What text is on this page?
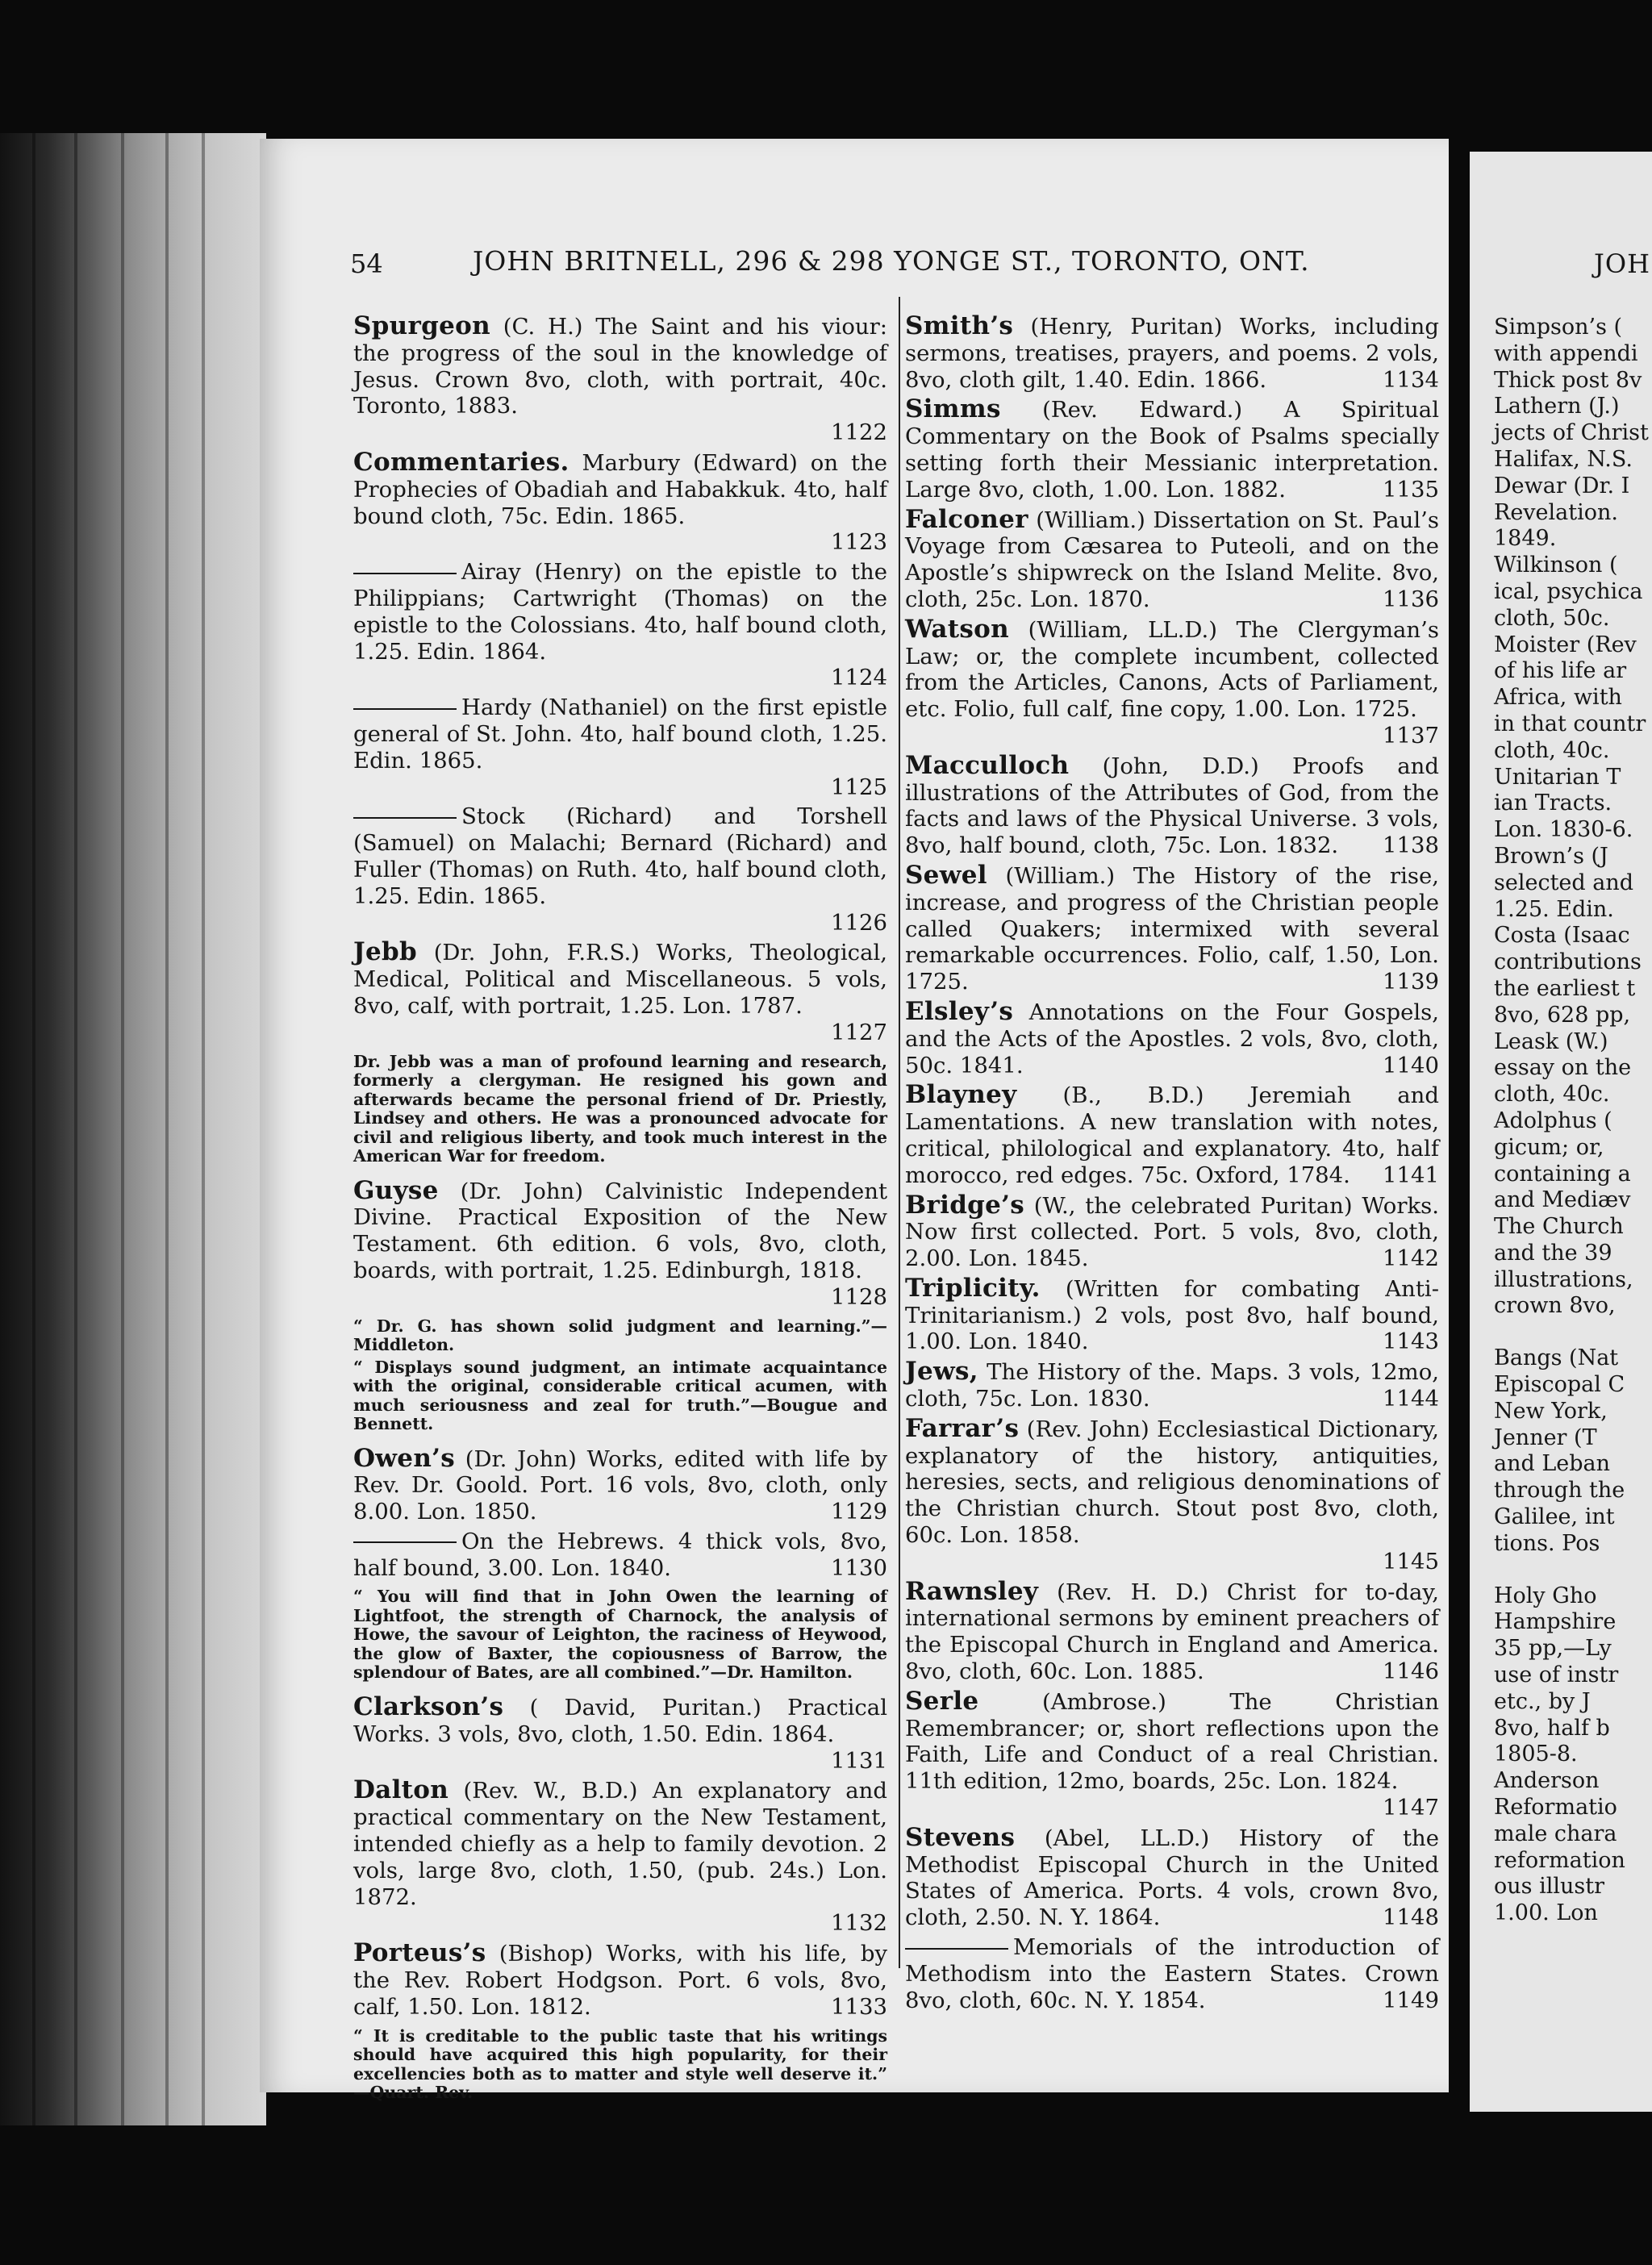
54	JOHN BRITNELL, 296 & 298 YONGE ST., TORONTO, ONT.
Spurgeon (C. H.) The Saint and his viour: the progress of the soul in the knowledge of Jesus. Crown 8vo, cloth, with portrait, 40c. Toronto, 1883.
1122
Commentaries. Marbury (Edward) on the Prophecies of Obadiah and Habakkuk. 4to, half bound cloth, 75c. Edin. 1865.
1123
Airay (Henry) on the epistle to the Philippians; Cartwright (Thomas) on the epistle to the Colossians. 4to, half bound cloth, 1.25. Edin. 1864.
1124
Hardy (Nathaniel) on the first epistle general of St. John. 4to, half bound cloth, 1.25. Edin. 1865.
1125
Stock (Richard) and Torshell (Samuel) on Malachi; Bernard (Richard) and Fuller (Thomas) on Ruth. 4to, half bound cloth, 1.25. Edin. 1865.
1126
Jebb (Dr. John, F.R.S.) Works, Theological, Medical, Political and Miscellaneous. 5 vols, 8vo, calf, with portrait, 1.25. Lon. 1787.
1127

Dr. Jebb was a man of profound learning and research, formerly a clergyman. He resigned his gown and afterwards became the personal friend of Dr. Priestly, Lindsey and others. He was a pronounced advocate for civil and religious liberty, and took much interest in the American War for freedom.

Guyse (Dr. John) Calvinistic Independent Divine. Practical Exposition of the New Testament. 6th edition. 6 vols, 8vo, cloth, boards, with portrait, 1.25. Edinburgh, 1818.
1128

“ Dr. G. has shown solid judgment and learning.”—Middleton.

“ Displays sound judgment, an intimate acquaintance with the original, considerable critical acumen, with much seriousness and zeal for truth.”—Bougue and Bennett.

Owen’s (Dr. John) Works, edited with life by Rev. Dr. Goold. Port. 16 vols, 8vo, cloth, only 8.00. Lon. 1850.	1129
On the Hebrews. 4 thick vols, 8vo, half bound, 3.00. Lon. 1840.	1130

“ You will find that in John Owen the learning of Lightfoot, the strength of Charnock, the analysis of Howe, the savour of Leighton, the raciness of Heywood, the glow of Baxter, the copiousness of Barrow, the splendour of Bates, are all combined.”—Dr. Hamilton.

Clarkson’s ( David, Puritan.) Practical Works. 3 vols, 8vo, cloth, 1.50. Edin. 1864.
1131
Dalton (Rev. W., B.D.) An explanatory and practical commentary on the New Testament, intended chiefly as a help to family devotion. 2 vols, large 8vo, cloth, 1.50, (pub. 24s.) Lon. 1872.
1132
Porteus’s (Bishop) Works, with his life, by the Rev. Robert Hodgson. Port. 6 vols, 8vo, calf, 1.50. Lon. 1812.	1133

“ It is creditable to the public taste that his writings should have acquired this high popularity, for their excellencies both as to matter and style well deserve it.” —Quart. Rev.

Smith’s (Henry, Puritan) Works, including sermons, treatises, prayers, and poems. 2 vols, 8vo, cloth gilt, 1.40. Edin. 1866.	1134
Simms (Rev. Edward.) A Spiritual Commentary on the Book of Psalms specially setting forth their Messianic interpretation. Large 8vo, cloth, 1.00. Lon. 1882.	1135
Falconer (William.) Dissertation on St. Paul’s Voyage from Cæsarea to Puteoli, and on the Apostle’s shipwreck on the Island Melite. 8vo, cloth, 25c. Lon. 1870.	1136
Watson (William, LL.D.) The Clergyman’s Law; or, the complete incumbent, collected from the Articles, Canons, Acts of Parliament, etc. Folio, full calf, fine copy, 1.00. Lon. 1725.
1137
Macculloch (John, D.D.) Proofs and illustrations of the Attributes of God, from the facts and laws of the Physical Universe. 3 vols, 8vo, half bound, cloth, 75c. Lon. 1832. 1138
Sewel (William.) The History of the rise, increase, and progress of the Christian people called Quakers; intermixed with several remarkable occurrences. Folio, calf, 1.50, Lon. 1725.	1139
Elsley’s Annotations on the Four Gospels, and the Acts of the Apostles. 2 vols, 8vo, cloth, 50c. 1841.	1140
Blayney (B., B.D.) Jeremiah and Lamentations. A new translation with notes, critical, philological and explanatory. 4to, half morocco, red edges. 75c. Oxford, 1784. 1141
Bridge’s (W., the celebrated Puritan) Works. Now first collected. Port. 5 vols, 8vo, cloth, 2.00. Lon. 1845.	1142
Triplicity. (Written for combating Anti-Trinitarianism.) 2 vols, post 8vo, half bound, 1.00. Lon. 1840.	1143
Jews, The History of the. Maps. 3 vols, 12mo, cloth, 75c. Lon. 1830.	1144
Farrar’s (Rev. John) Ecclesiastical Dictionary, explanatory of the history, antiquities, heresies, sects, and religious denominations of the Christian church. Stout post 8vo, cloth, 60c. Lon. 1858.
1145
Rawnsley (Rev. H. D.) Christ for to-day, international sermons by eminent preachers of the Episcopal Church in England and America. 8vo, cloth, 60c. Lon. 1885.	1146
Serle (Ambrose.) The Christian Remembrancer; or, short reflections upon the Faith, Life and Conduct of a real Christian. 11th edition, 12mo, boards, 25c. Lon. 1824.
1147
Stevens (Abel, LL.D.) History of the Methodist Episcopal Church in the United States of America. Ports. 4 vols, crown 8vo, cloth, 2.50. N. Y. 1864.	1148
Memorials of the introduction of Methodism into the Eastern States. Crown 8vo, cloth, 60c. N. Y. 1854.	1149
JOH
Simpson’s (
with appendi
Thick post 8v
Lathern (J.)
jects of Christ
Halifax, N.S.
Dewar (Dr. I
Revelation.
1849.
Wilkinson (
ical, psychica
cloth, 50c.
Moister (Rev
of his life ar
Africa, with
in that countr
cloth, 40c.
Unitarian T
ian Tracts.
Lon. 1830-6.
Brown’s (J
selected and
1.25. Edin.
Costa (Isaac
contributions
the earliest t
8vo, 628 pp,
Leask (W.)
essay on the
cloth, 40c.
Adolphus (
gicum; or,
containing a
and Mediæv
The Church
and the 39
illustrations,
crown 8vo,
Bangs (Nat
Episcopal C
New York,
Jenner (T
and Leban
through the
Galilee, int
tions. Pos
Holy Gho
Hampshire
35 pp,—Ly
use of instr
etc., by J
8vo, half b
1805-8.
Anderson
Reformatio
male chara
reformation
ous illustr
1.00. Lon
